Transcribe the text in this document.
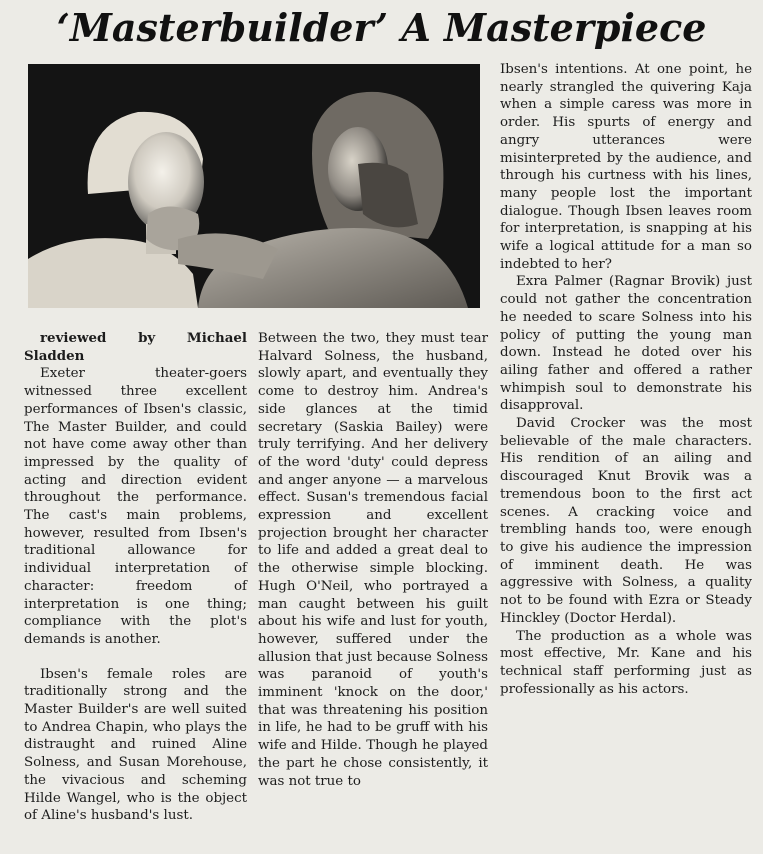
‘Masterbuilder’ A Masterpiece

reviewed by Michael Sladden

Exeter theater-goers witnessed three excellent performances of Ibsen's classic, The Master Builder, and could not have come away other than impressed by the quality of acting and direction evident throughout the performance. The cast's main problems, however, resulted from Ibsen's traditional allowance for individual interpretation of character: freedom of interpretation is one thing; compliance with the plot's demands is another.

Ibsen's female roles are traditionally strong and the Master Builder's are well suited to Andrea Chapin, who plays the distraught and ruined Aline Solness, and Susan Morehouse, the vivacious and scheming Hilde Wangel, who is the object of Aline's husband's lust.

Between the two, they must tear Halvard Solness, the husband, slowly apart, and eventually they come to destroy him. Andrea's side glances at the timid secretary (Saskia Bailey) were truly terrifying. And her delivery of the word 'duty' could depress and anger anyone — a marvelous effect. Susan's tremendous facial expression and excellent projection brought her character to life and added a great deal to the otherwise simple blocking. Hugh O'Neil, who portrayed a man caught between his guilt about his wife and lust for youth, however, suffered under the allusion that just because Solness was paranoid of youth's imminent 'knock on the door,' that was threatening his position in life, he had to be gruff with his wife and Hilde. Though he played the part he chose consistently, it was not true to

Ibsen's intentions. At one point, he nearly strangled the quivering Kaja when a simple caress was more in order. His spurts of energy and angry utterances were misinterpreted by the audience, and through his curtness with his lines, many people lost the important dialogue. Though Ibsen leaves room for interpretation, is snapping at his wife a logical attitude for a man so indebted to her?

Exra Palmer (Ragnar Brovik) just could not gather the concentration he needed to scare Solness into his policy of putting the young man down. Instead he doted over his ailing father and offered a rather whimpish soul to demonstrate his disapproval.

David Crocker was the most believable of the male characters. His rendition of an ailing and discouraged Knut Brovik was a tremendous boon to the first act scenes. A cracking voice and trembling hands too, were enough to give his audience the impression of imminent death. He was aggressive with Solness, a quality not to be found with Ezra or Steady Hinckley (Doctor Herdal).

The production as a whole was most effective, Mr. Kane and his technical staff performing just as professionally as his actors.
